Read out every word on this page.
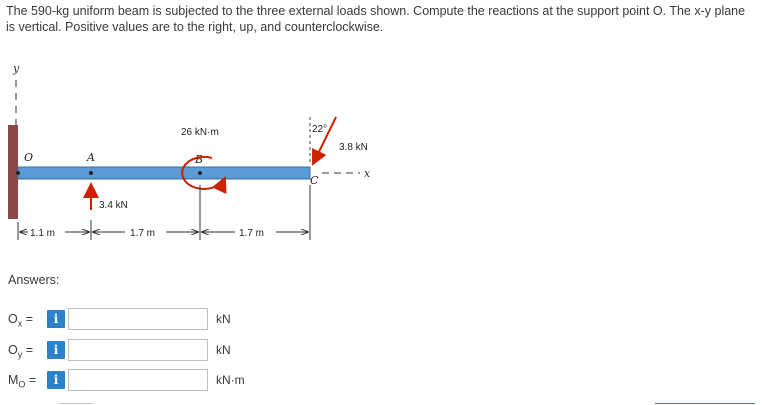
The 590-kg uniform beam is subjected to the three external loads shown. Compute the reactions at the support point O. The x-y plane is vertical. Positive values are to the right, up, and counterclockwise.
y
O	A	B
C
3.4 kN
26 kN·m	22°
3.8 kN
x
1.1 m	1.7 m	1.7 m
Answers:
$O_x$ =	i	kN
$O_y$ =	i	kN
$M_O$ =	i	kN·m
